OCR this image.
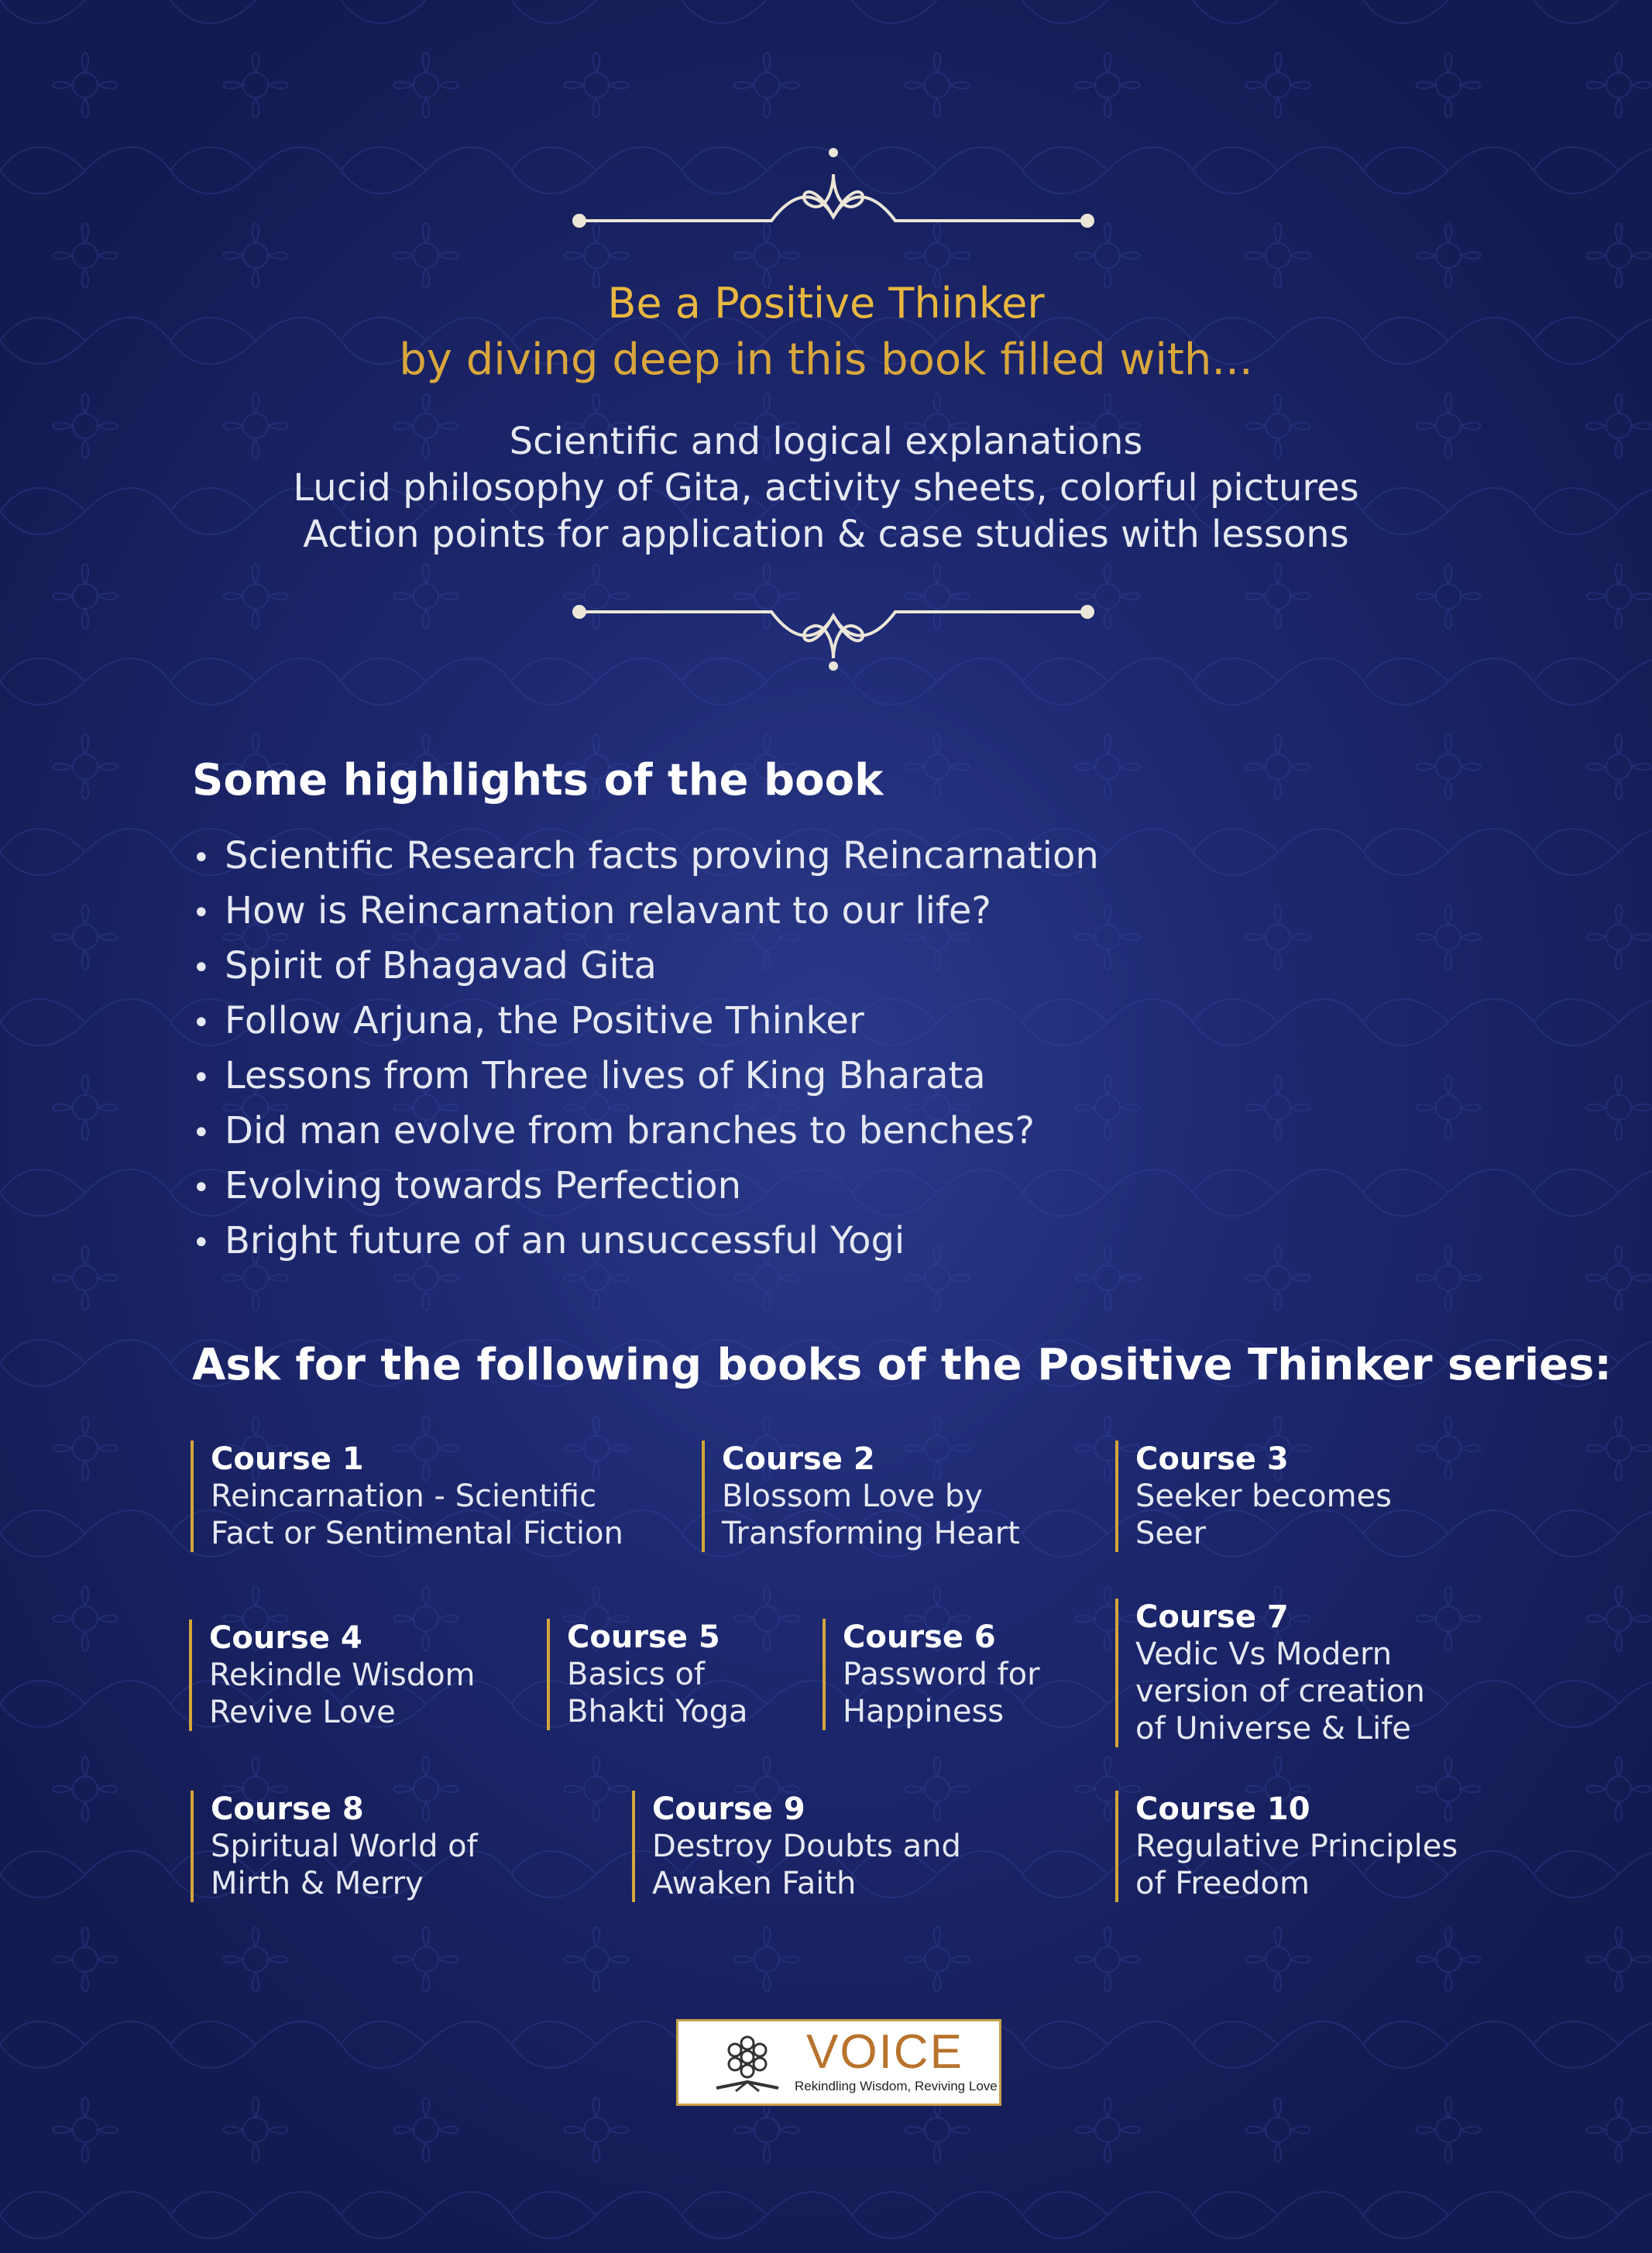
Be a Positive Thinker
by diving deep in this book filled with...
Scientific and logical explanations
Lucid philosophy of Gita, activity sheets, colorful pictures
Action points for application & case studies with lessons
Some highlights of the book
• Scientific Research facts proving Reincarnation
• How is Reincarnation relavant to our life?
• Spirit of Bhagavad Gita
• Follow Arjuna, the Positive Thinker
• Lessons from Three lives of King Bharata
• Did man evolve from branches to benches?
• Evolving towards Perfection
• Bright future of an unsuccessful Yogi
Ask for the following books of the Positive Thinker series:
Course 1
Reincarnation - Scientific
Fact or Sentimental Fiction
Course 2
Blossom Love by
Transforming Heart
Course 3
Seeker becomes
Seer
Course 4
Rekindle Wisdom
Revive Love
Course 5
Basics of
Bhakti Yoga
Course 6
Password for
Happiness
Course 7
Vedic Vs Modern
version of creation
of Universe & Life
Course 8
Spiritual World of
Mirth & Merry
Course 9
Destroy Doubts and
Awaken Faith
Course 10
Regulative Principles
of Freedom
VOICE
Rekindling Wisdom, Reviving Love
